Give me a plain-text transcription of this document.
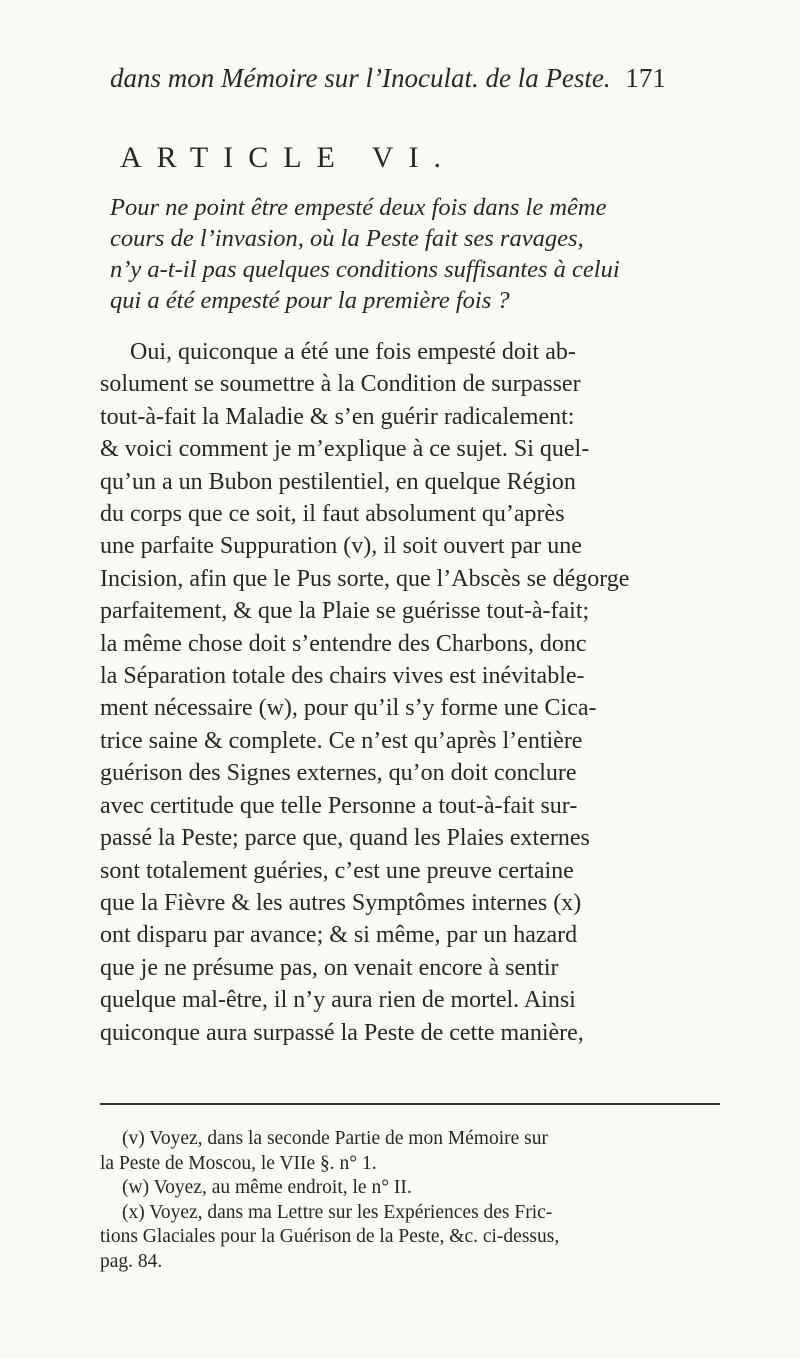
dans mon Mémoire sur l’Inoculat. de la Peste. 171
ARTICLE VI.
Pour ne point être empesté deux fois dans le même
cours de l’invasion, où la Peste fait ses ravages,
n’y a-t-il pas quelques conditions suffisantes à celui
qui a été empesté pour la première fois ?
Oui, quiconque a été une fois empesté doit ab-
solument se soumettre à la Condition de surpasser
tout-à-fait la Maladie & s’en guérir radicalement:
& voici comment je m’explique à ce sujet. Si quel-
qu’un a un Bubon pestilentiel, en quelque Région
du corps que ce soit, il faut absolument qu’après
une parfaite Suppuration (v), il soit ouvert par une
Incision, afin que le Pus sorte, que l’Abscès se dégorge
parfaitement, & que la Plaie se guérisse tout-à-fait;
la même chose doit s’entendre des Charbons, donc
la Séparation totale des chairs vives est inévitable-
ment nécessaire (w), pour qu’il s’y forme une Cica-
trice saine & complete. Ce n’est qu’après l’entière
guérison des Signes externes, qu’on doit conclure
avec certitude que telle Personne a tout-à-fait sur-
passé la Peste; parce que, quand les Plaies externes
sont totalement guéries, c’est une preuve certaine
que la Fièvre & les autres Symptômes internes (x)
ont disparu par avance; & si même, par un hazard
que je ne présume pas, on venait encore à sentir
quelque mal-être, il n’y aura rien de mortel. Ainsi
quiconque aura surpassé la Peste de cette manière,
(v) Voyez, dans la seconde Partie de mon Mémoire sur
la Peste de Moscou, le VIIe §. n° 1.
(w) Voyez, au même endroit, le n° II.
(x) Voyez, dans ma Lettre sur les Expériences des Fric-
tions Glaciales pour la Guérison de la Peste, &c. ci-dessus,
pag. 84.
